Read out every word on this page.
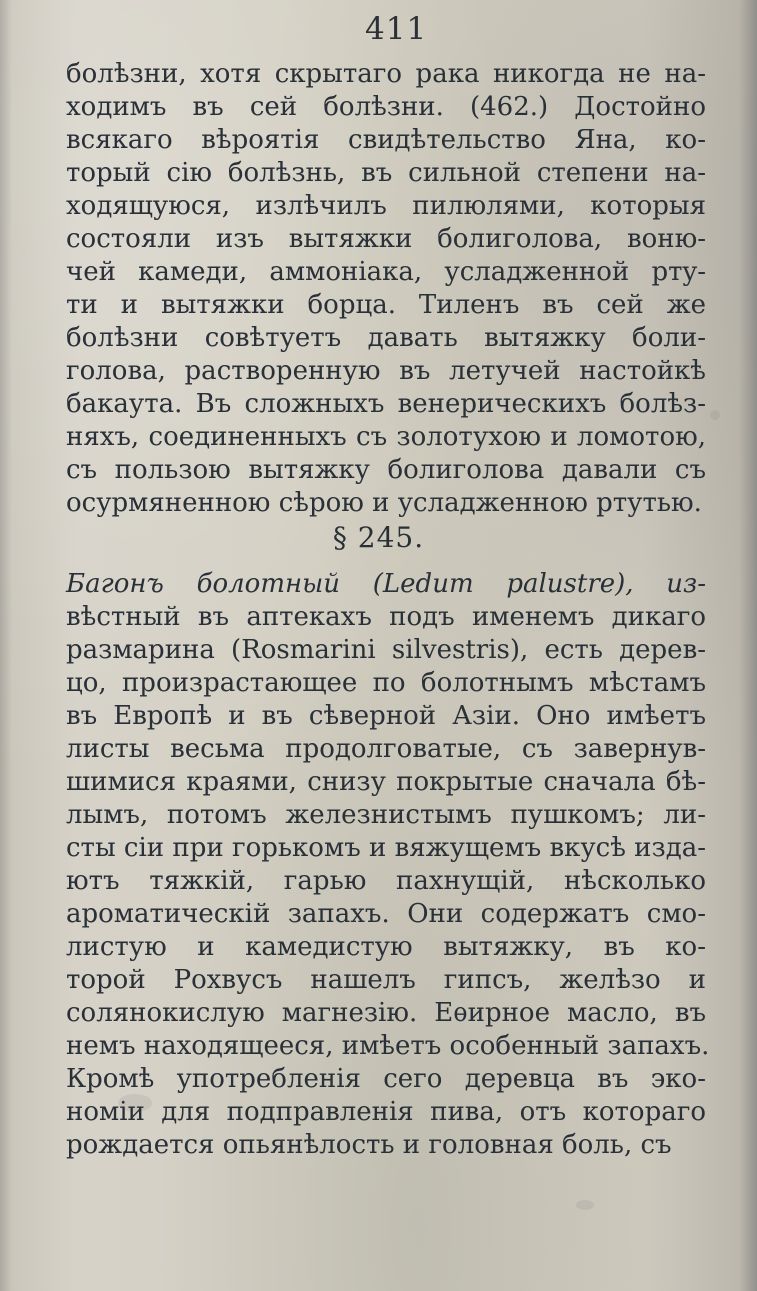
411
болѣзни, хотя скрытаго рака никогда не на-
ходимъ въ сей болѣзни. (462.) Достойно
всякаго вѣроятія свидѣтельство Яна, ко-
торый сію болѣзнь, въ сильной степени на-
ходящуюся, излѣчилъ пилюлями, которыя
состояли изъ вытяжки болиголова, воню-
чей камеди, аммоніака, усладженной ртy-
ти и вытяжки борца. Тиленъ въ сей же
болѣзни совѣтуетъ давать вытяжку боли-
голова, растворенную въ летучей настойкѣ
бакаута. Въ сложныхъ венерическихъ болѣз-
няхъ, соединенныхъ съ золотухою и ломотою,
съ пользою вытяжку болиголова давали съ
осурмяненною сѣрою и усладженною ртутью.
§ 245.
Багонъ болотный (Ledum palustre), из-
вѣстный въ аптекахъ подъ именемъ дикаго
размарина (Rosmarini silvestris), есть дерев-
цо, произрастающее по болотнымъ мѣстамъ
въ Европѣ и въ сѣверной Азіи. Оно имѣетъ
листы весьма продолговатые, съ завернув-
шимися краями, снизу покрытые сначала бѣ-
лымъ, потомъ железнистымъ пушкомъ; ли-
сты сіи при горькомъ и вяжущемъ вкусѣ изда-
ютъ тяжкій, гарью пахнущій, нѣсколько
ароматическій запахъ. Они содержатъ смо-
листую и камедистую вытяжку, въ ко-
торой Рохвусъ нашелъ гипсъ, желѣзо и
солянокислую магнезію. Еѳирное масло, въ
немъ находящееся, имѣетъ особенный запахъ.
Кромѣ употребленія сего деревца въ эко-
номіи для подправленія пива, отъ котораго
рождается опьянѣлость и головная боль, съ
